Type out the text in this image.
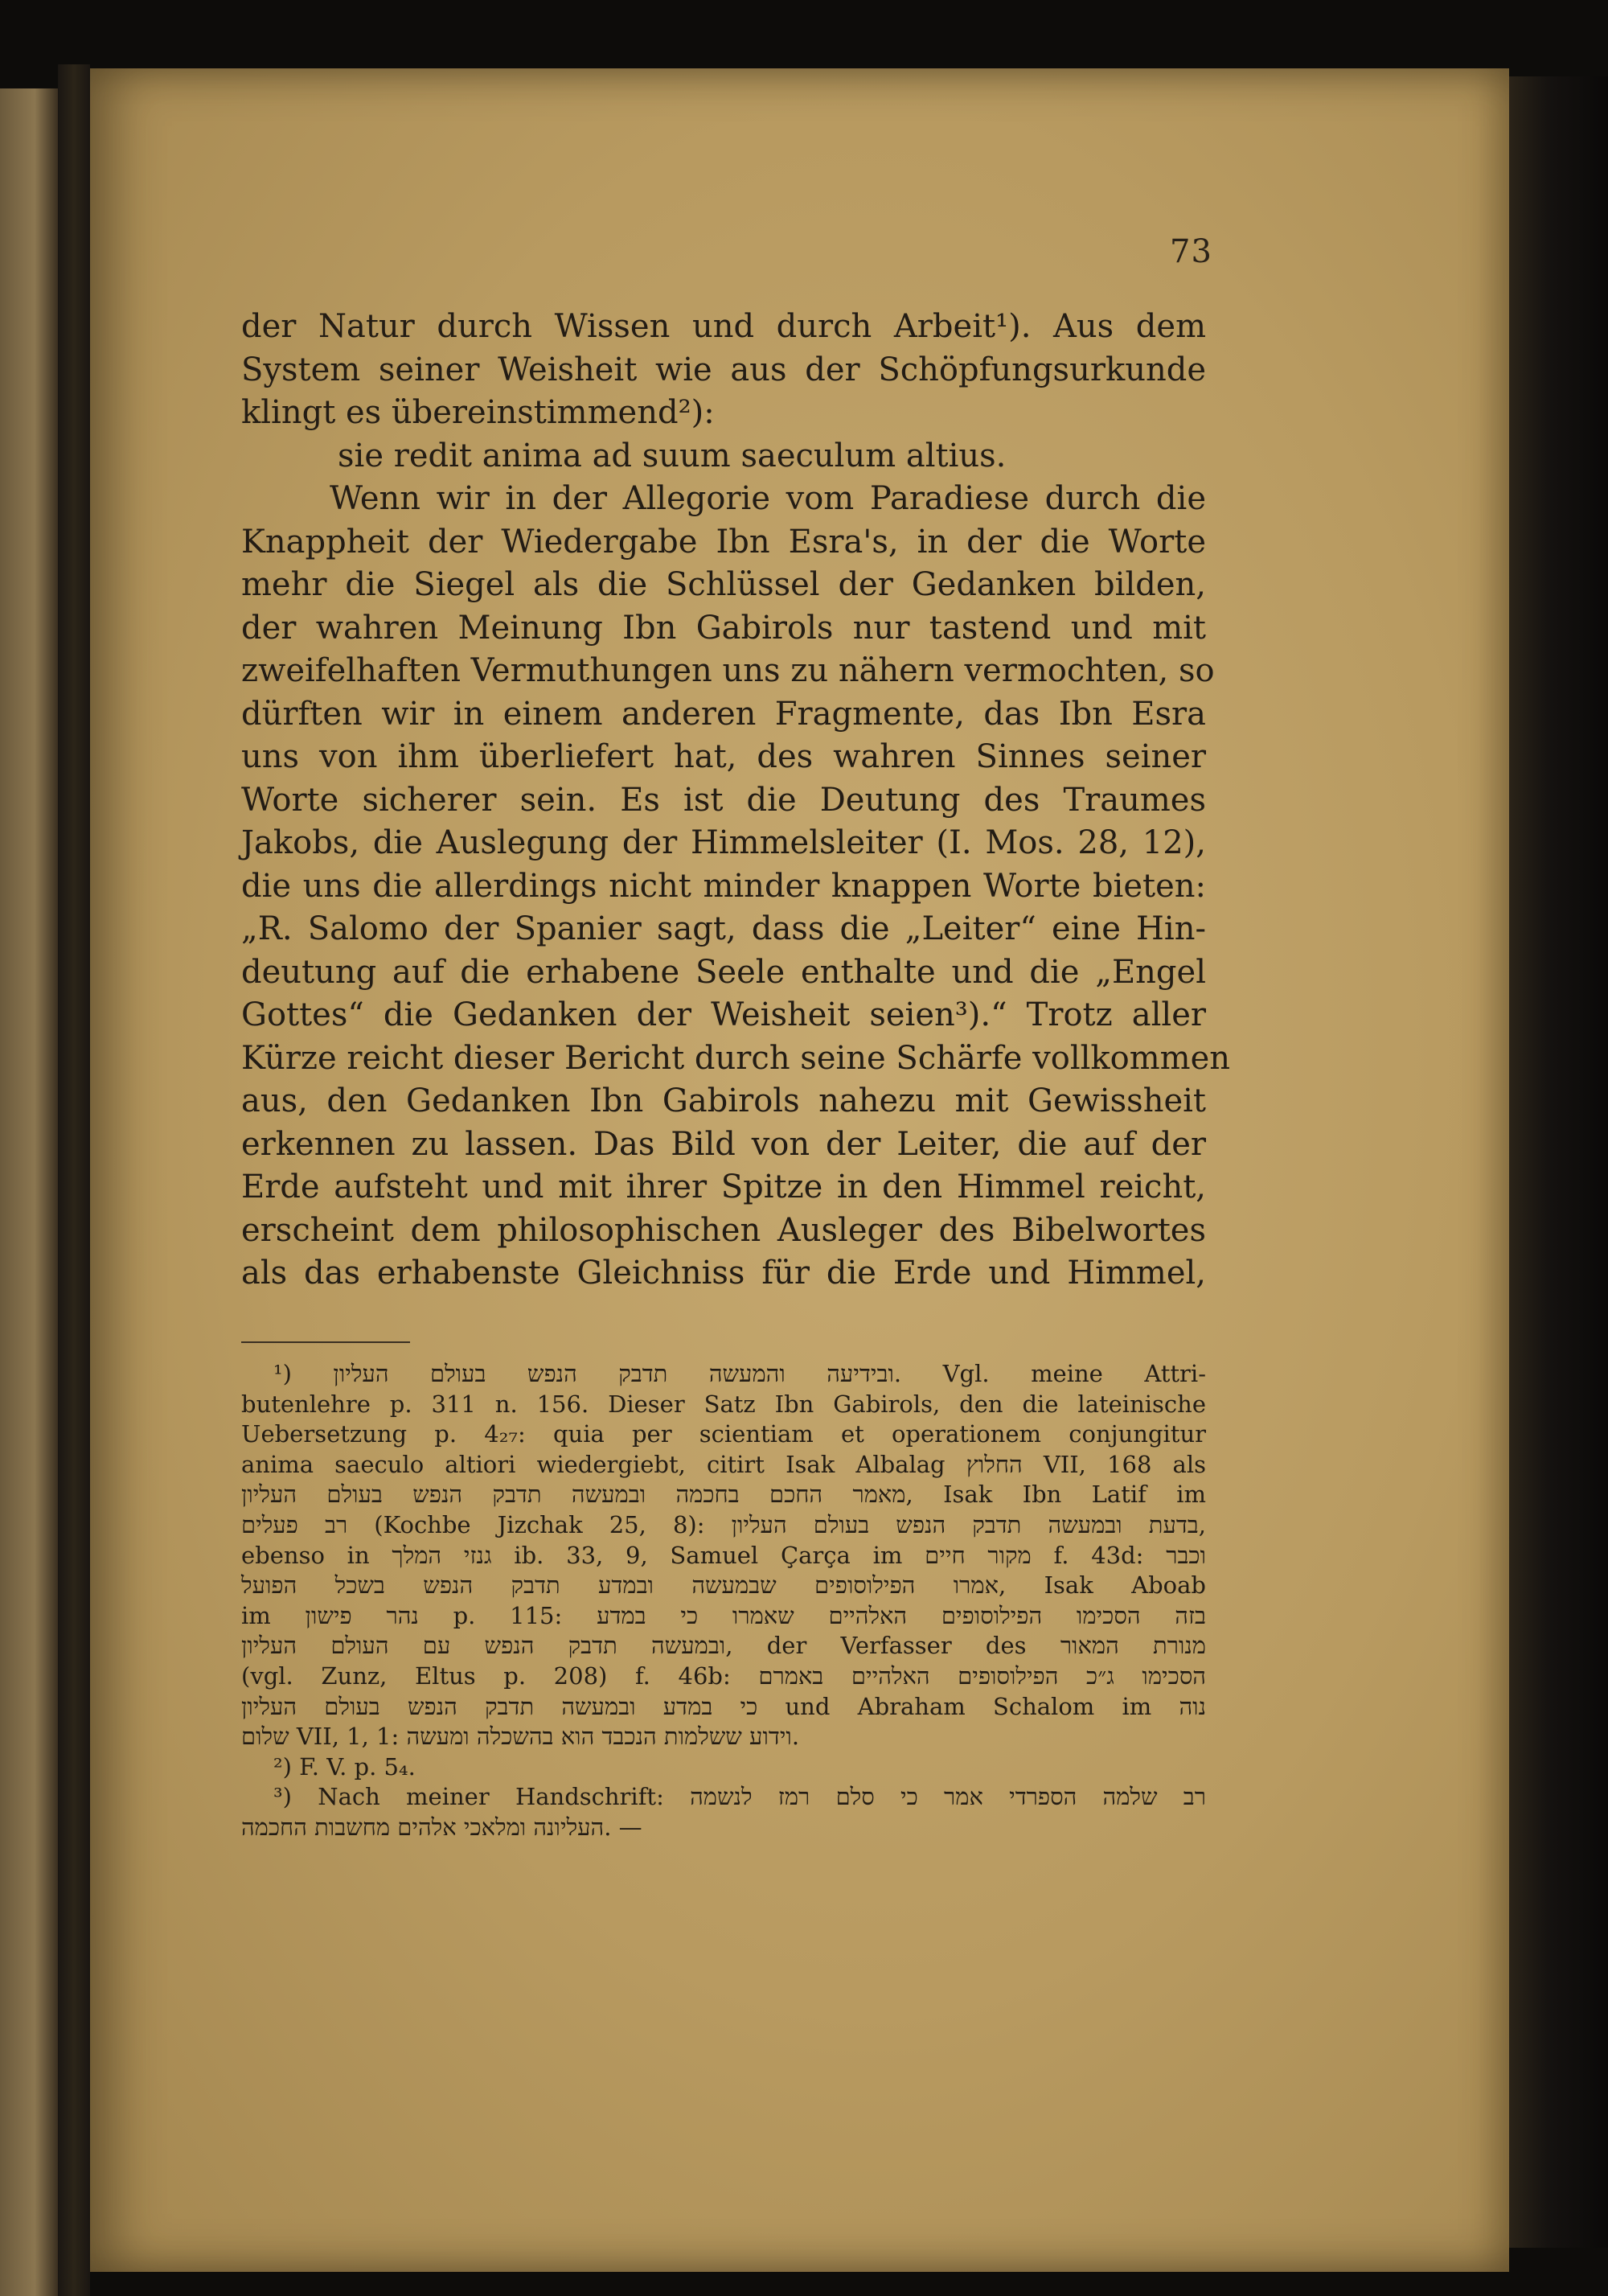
73
der Natur durch Wissen und durch Arbeit¹). Aus dem
System seiner Weisheit wie aus der Schöpfungsurkunde
klingt es übereinstimmend²):
sie redit anima ad suum saeculum altius.
Wenn wir in der Allegorie vom Paradiese durch die
Knappheit der Wiedergabe Ibn Esra's, in der die Worte
mehr die Siegel als die Schlüssel der Gedanken bilden,
der wahren Meinung Ibn Gabirols nur tastend und mit
zweifelhaften Vermuthungen uns zu nähern vermochten, so
dürften wir in einem anderen Fragmente, das Ibn Esra
uns von ihm überliefert hat, des wahren Sinnes seiner
Worte sicherer sein. Es ist die Deutung des Traumes
Jakobs, die Auslegung der Himmelsleiter (I. Mos. 28, 12),
die uns die allerdings nicht minder knappen Worte bieten:
„R. Salomo der Spanier sagt, dass die „Leiter“ eine Hin-
deutung auf die erhabene Seele enthalte und die „Engel
Gottes“ die Gedanken der Weisheit seien³).“ Trotz aller
Kürze reicht dieser Bericht durch seine Schärfe vollkommen
aus, den Gedanken Ibn Gabirols nahezu mit Gewissheit
erkennen zu lassen. Das Bild von der Leiter, die auf der
Erde aufsteht und mit ihrer Spitze in den Himmel reicht,
erscheint dem philosophischen Ausleger des Bibelwortes
als das erhabenste Gleichniss für die Erde und Himmel,
¹) ובידיעה והמעשה תדבק הנפש בעולם העליון. Vgl. meine Attri-
butenlehre p. 311 n. 156. Dieser Satz Ibn Gabirols, den die lateinische
Uebersetzung p. 4₂₇: quia per scientiam et operationem conjungitur
anima saeculo altiori wiedergiebt, citirt Isak Albalag החלוץ VII, 168 als
מאמר החכם בחכמה ובמעשה תדבק הנפש בעולם העליון, Isak Ibn Latif im
רב פעלים (Kochbe Jizchak 25, 8): בדעת ובמעשה תדבק הנפש בעולם העליון,
ebenso in גנזי המלך ib. 33, 9, Samuel Çarça im מקור חיים f. 43d: וכבר
אמרו הפילוסופים שבמעשה ובמדע תדבק הנפש בשכל הפועל, Isak Aboab
im נהר פישון p. 115: בזה הסכימו הפילוסופים האלהיים שאמרו כי במדע
ובמעשה תדבק הנפש עם העולם העליון, der Verfasser des מנורת המאור
(vgl. Zunz, Eltus p. 208) f. 46b: הסכימו ג״כ הפילוסופים האלהיים באמרם
כי במדע ובמעשה תדבק הנפש בעולם העליון und Abraham Schalom im נוה
שלום VII, 1, 1: וידוע ששלמות הנכבד הוא בהשכלה ומעשה.
²) F. V. p. 5₄.
³) Nach meiner Handschrift: רב שלמה הספרדי אמר כי סלם רמז לנשמה
העליונה ומלאכי אלהים מחשבות החכמה. —
